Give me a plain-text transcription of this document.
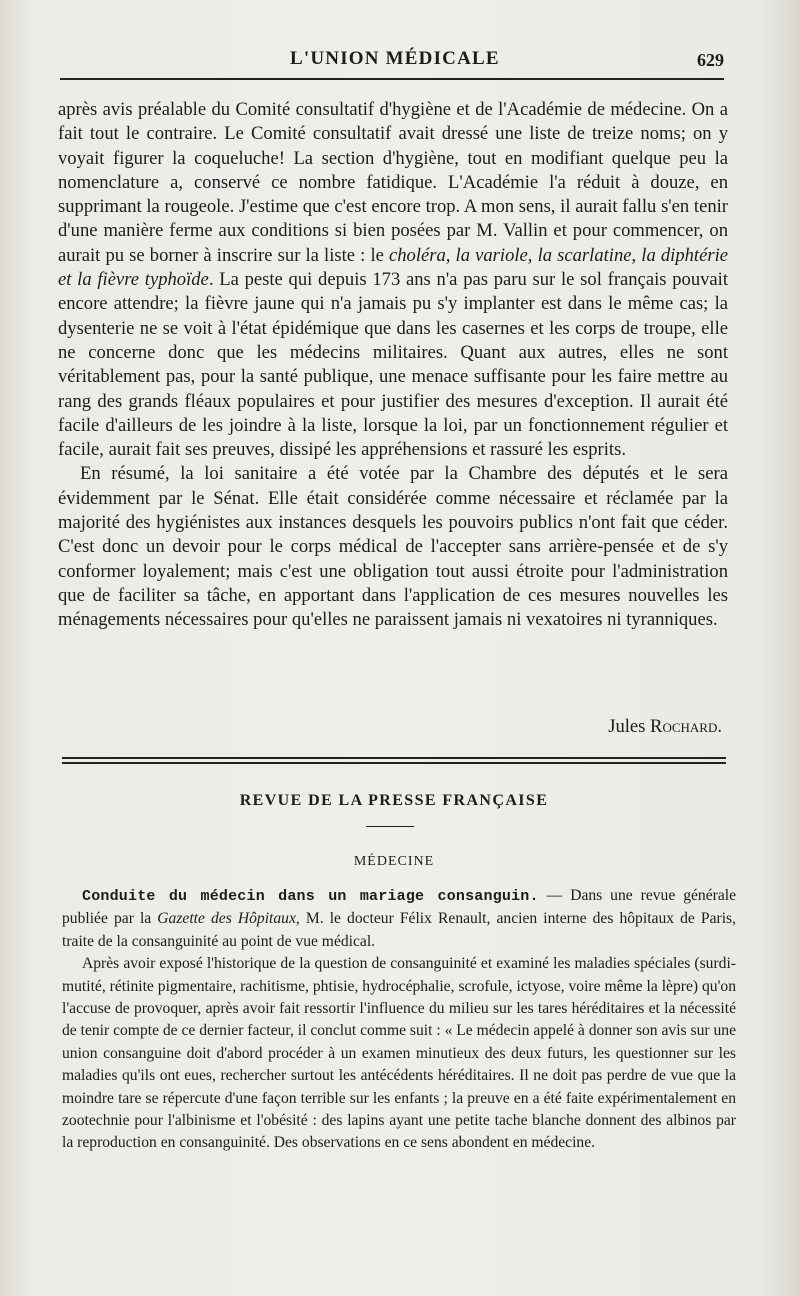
L'UNION MÉDICALE	629

après avis préalable du Comité consultatif d'hygiène et de l'Académie de médecine. On a fait tout le contraire. Le Comité consultatif avait dressé une liste de treize noms; on y voyait figurer la coqueluche! La section d'hygiène, tout en modifiant quelque peu la nomenclature a, conservé ce nombre fatidique. L'Académie l'a réduit à douze, en supprimant la rougeole. J'estime que c'est encore trop. A mon sens, il aurait fallu s'en tenir d'une manière ferme aux conditions si bien posées par M. Vallin et pour commencer, on aurait pu se borner à inscrire sur la liste : le choléra, la variole, la scarlatine, la diphtérie et la fièvre typhoïde. La peste qui depuis 173 ans n'a pas paru sur le sol français pouvait encore attendre; la fièvre jaune qui n'a jamais pu s'y implanter est dans le même cas; la dysenterie ne se voit à l'état épidémique que dans les casernes et les corps de troupe, elle ne concerne donc que les médecins militaires. Quant aux autres, elles ne sont véritablement pas, pour la santé publique, une menace suffisante pour les faire mettre au rang des grands fléaux populaires et pour justifier des mesures d'exception. Il aurait été facile d'ailleurs de les joindre à la liste, lorsque la loi, par un fonctionnement régulier et facile, aurait fait ses preuves, dissipé les appréhensions et rassuré les esprits.

En résumé, la loi sanitaire a été votée par la Chambre des députés et le sera évidemment par le Sénat. Elle était considérée comme nécessaire et réclamée par la majorité des hygiénistes aux instances desquels les pouvoirs publics n'ont fait que céder. C'est donc un devoir pour le corps médical de l'accepter sans arrière-pensée et de s'y conformer loyalement; mais c'est une obligation tout aussi étroite pour l'administration que de faciliter sa tâche, en apportant dans l'application de ces mesures nouvelles les ménagements nécessaires pour qu'elles ne paraissent jamais ni vexatoires ni tyranniques.

Jules Rochard.
REVUE DE LA PRESSE FRANÇAISE
MÉDECINE

Conduite du médecin dans un mariage consanguin. — Dans une revue générale publiée par la Gazette des Hôpitaux, M. le docteur Félix Renault, ancien interne des hôpitaux de Paris, traite de la consanguinité au point de vue médical.

Après avoir exposé l'historique de la question de consanguinité et examiné les maladies spéciales (surdi-mutité, rétinite pigmentaire, rachitisme, phtisie, hydrocéphalie, scrofule, ictyose, voire même la lèpre) qu'on l'accuse de provoquer, après avoir fait ressortir l'influence du milieu sur les tares héréditaires et la nécessité de tenir compte de ce dernier facteur, il conclut comme suit : « Le médecin appelé à donner son avis sur une union consanguine doit d'abord procéder à un examen minutieux des deux futurs, les questionner sur les maladies qu'ils ont eues, rechercher surtout les antécédents héréditaires. Il ne doit pas perdre de vue que la moindre tare se répercute d'une façon terrible sur les enfants ; la preuve en a été faite expérimentalement en zootechnie pour l'albinisme et l'obésité : des lapins ayant une petite tache blanche donnent des albinos par la reproduction en consanguinité. Des observations en ce sens abondent en médecine.
